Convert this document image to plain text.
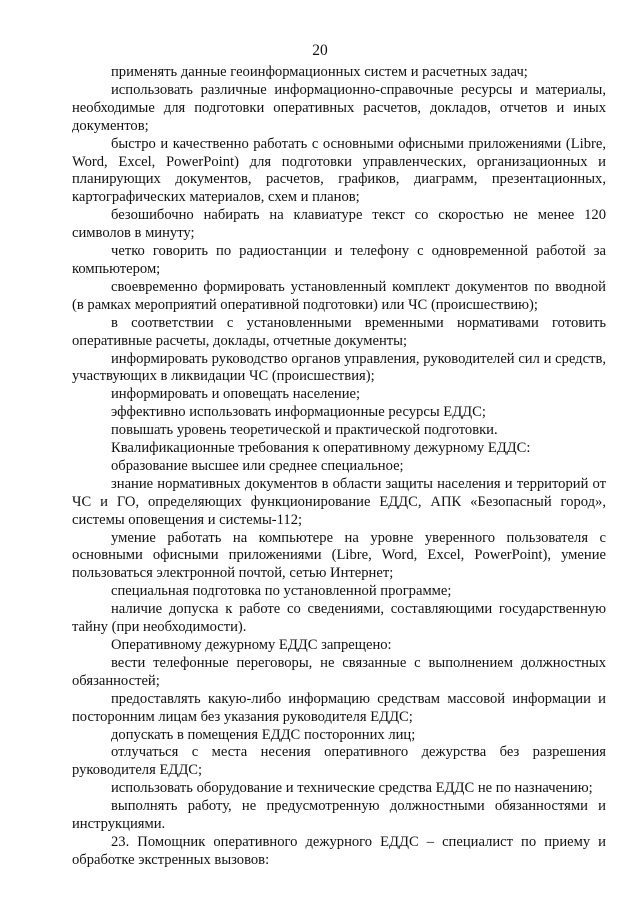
20

применять данные геоинформационных систем и расчетных задач;

использовать различные информационно-справочные ресурсы и материалы, необходимые для подготовки оперативных расчетов, докладов, отчетов и иных документов;

быстро и качественно работать с основными офисными приложениями (Libre, Word, Excel, PowerPoint) для подготовки управленческих, организационных и планирующих документов, расчетов, графиков, диаграмм, презентационных, картографических материалов, схем и планов;

безошибочно набирать на клавиатуре текст со скоростью не менее 120 символов в минуту;

четко говорить по радиостанции и телефону с одновременной работой за компьютером;

своевременно формировать установленный комплект документов по вводной (в рамках мероприятий оперативной подготовки) или ЧС (происшествию);

в соответствии с установленными временными нормативами готовить оперативные расчеты, доклады, отчетные документы;

информировать руководство органов управления, руководителей сил и средств, участвующих в ликвидации ЧС (происшествия);

информировать и оповещать население;

эффективно использовать информационные ресурсы ЕДДС;

повышать уровень теоретической и практической подготовки.

Квалификационные требования к оперативному дежурному ЕДДС:

образование высшее или среднее специальное;

знание нормативных документов в области защиты населения и территорий от ЧС и ГО, определяющих функционирование ЕДДС, АПК «Безопасный город», системы оповещения и системы-112;

умение работать на компьютере на уровне уверенного пользователя с основными офисными приложениями (Libre, Word, Excel, PowerPoint), умение пользоваться электронной почтой, сетью Интернет;

специальная подготовка по установленной программе;

наличие допуска к работе со сведениями, составляющими государственную тайну (при необходимости).

Оперативному дежурному ЕДДС запрещено:

вести телефонные переговоры, не связанные с выполнением должностных обязанностей;

предоставлять какую-либо информацию средствам массовой информации и посторонним лицам без указания руководителя ЕДДС;

допускать в помещения ЕДДС посторонних лиц;

отлучаться с места несения оперативного дежурства без разрешения руководителя ЕДДС;

использовать оборудование и технические средства ЕДДС не по назначению;

выполнять работу, не предусмотренную должностными обязанностями и инструкциями.

23. Помощник оперативного дежурного ЕДДС – специалист по приему и обработке экстренных вызовов:
